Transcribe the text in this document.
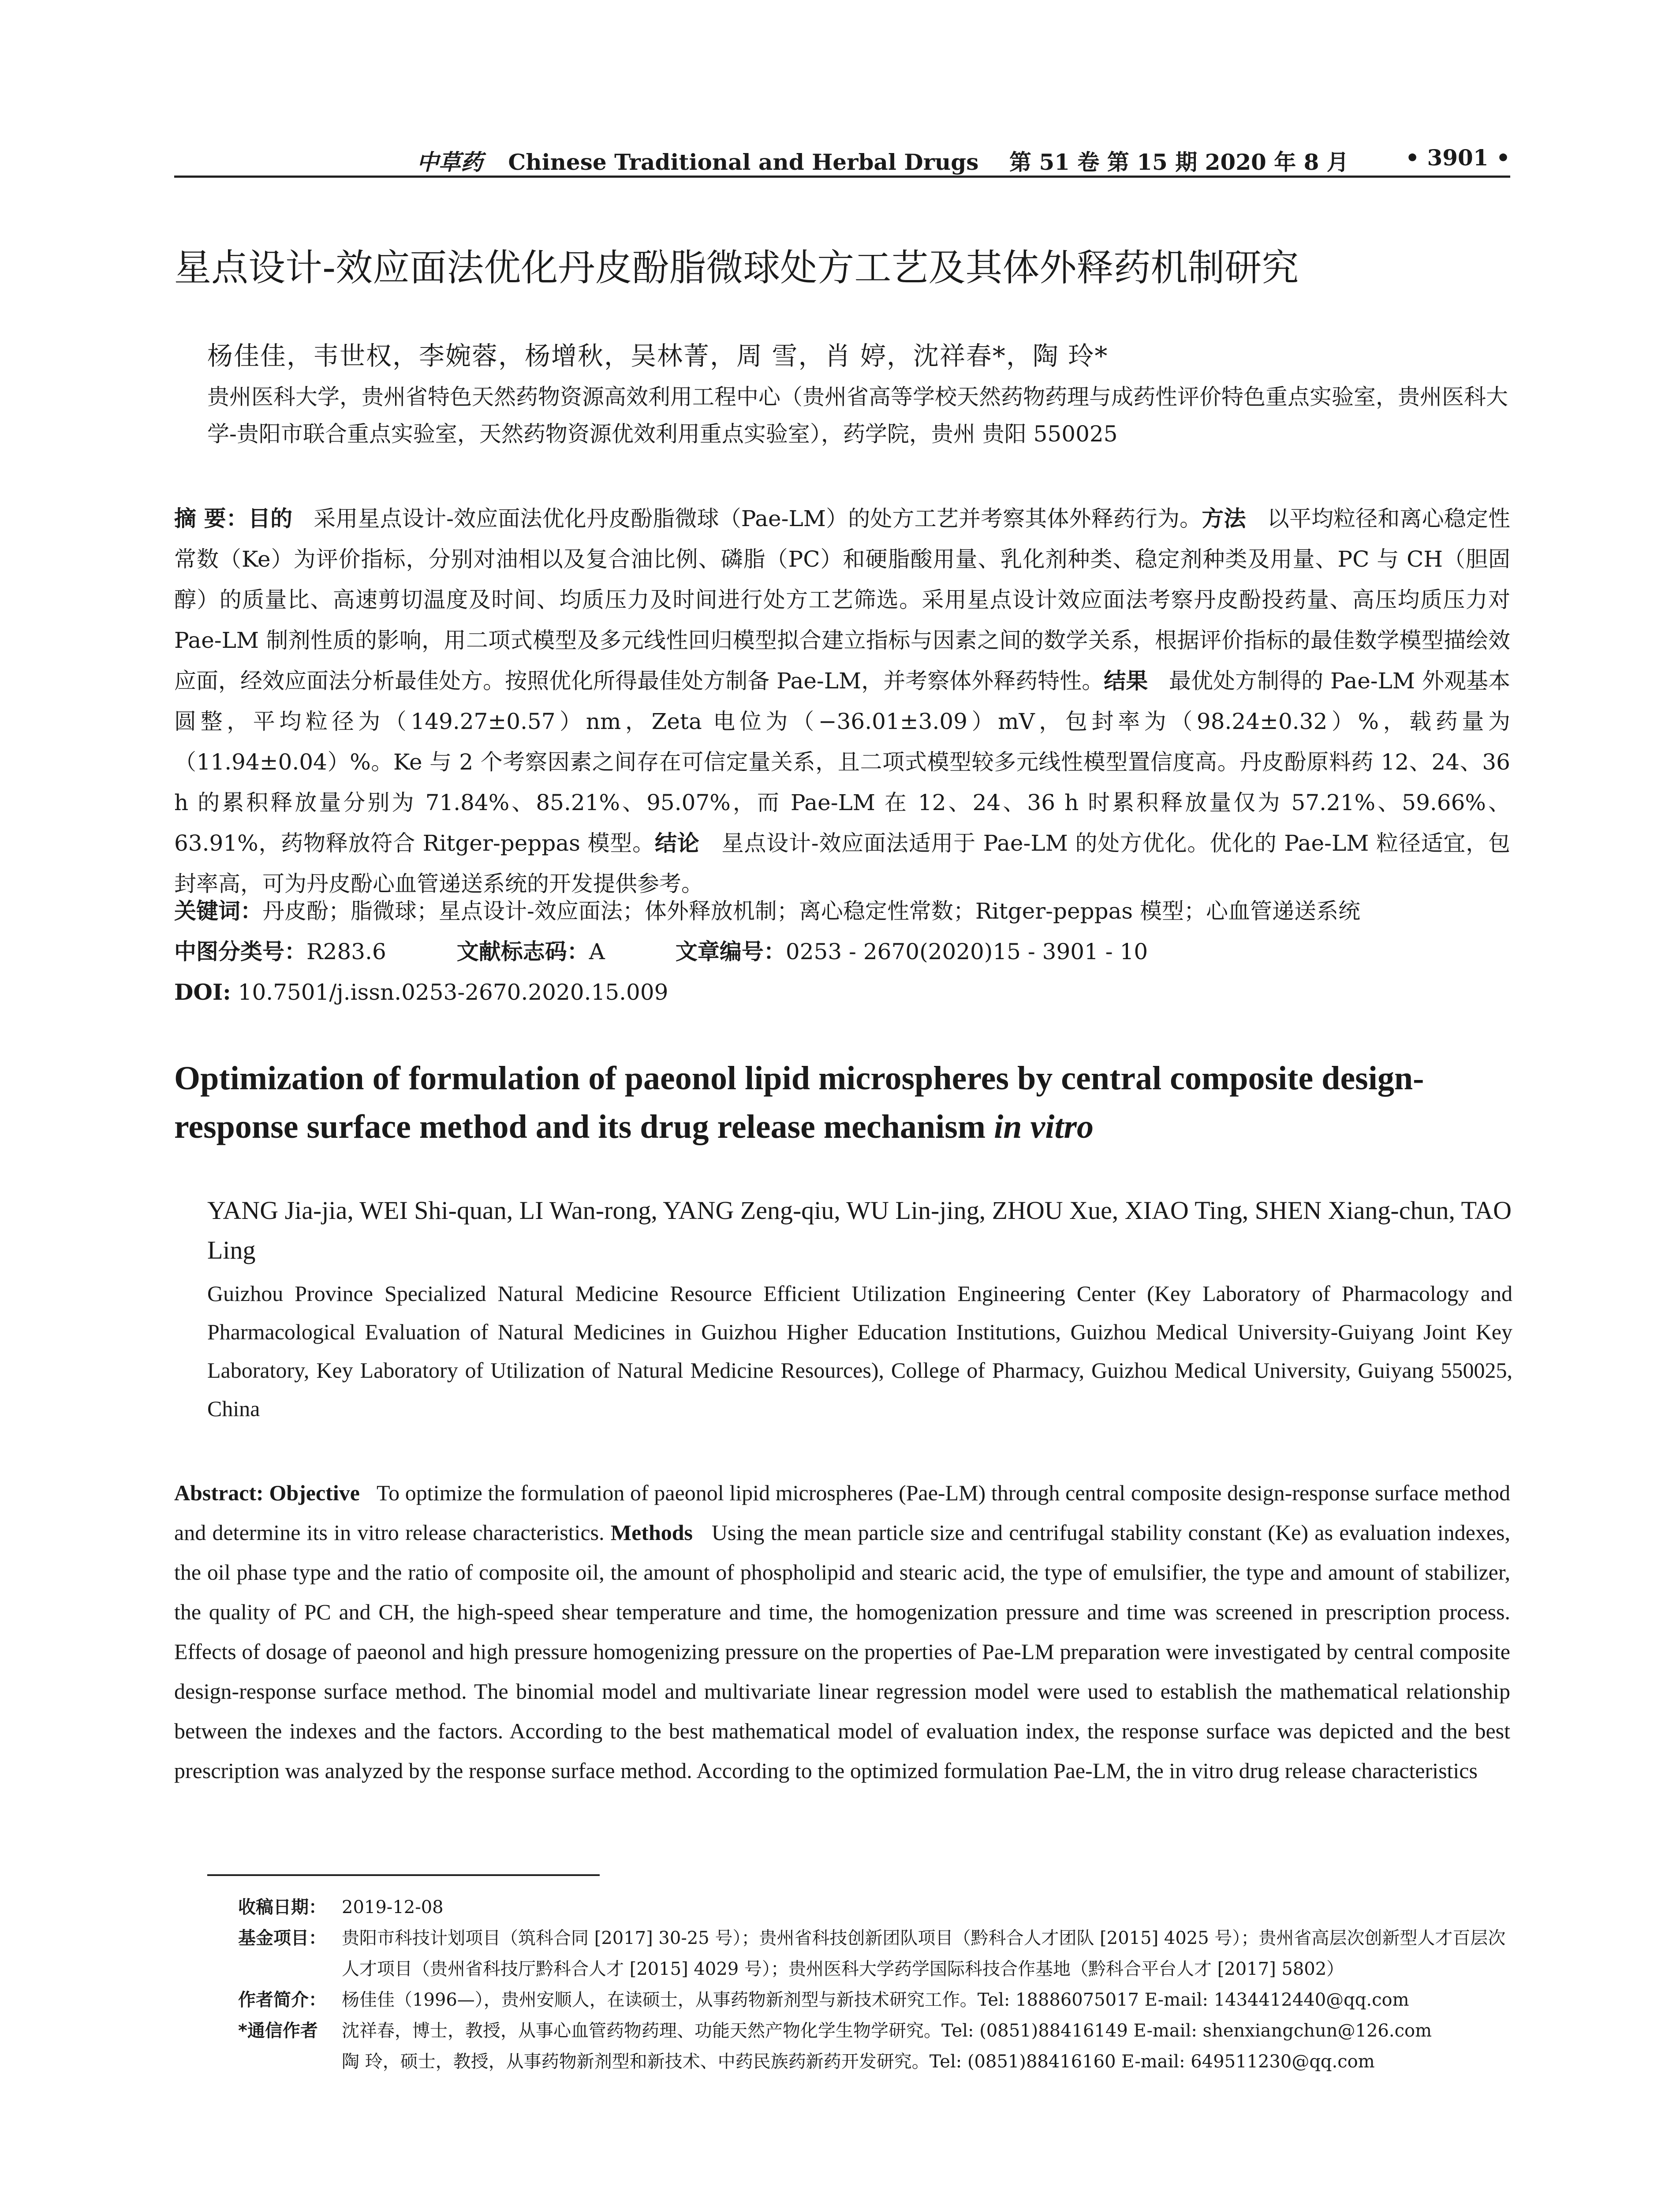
中草药 Chinese Traditional and Herbal Drugs 第 51 卷 第 15 期 2020 年 8 月	• 3901 •
星点设计-效应面法优化丹皮酚脂微球处方工艺及其体外释药机制研究
杨佳佳，韦世权，李婉蓉，杨增秋，吴林菁，周 雪，肖 婷，沈祥春*，陶 玲*
贵州医科大学，贵州省特色天然药物资源高效利用工程中心（贵州省高等学校天然药物药理与成药性评价特色重点实验室，贵州医科大学-贵阳市联合重点实验室，天然药物资源优效利用重点实验室），药学院，贵州 贵阳 550025
摘 要：目的 采用星点设计-效应面法优化丹皮酚脂微球（Pae-LM）的处方工艺并考察其体外释药行为。方法 以平均粒径和离心稳定性常数（Ke）为评价指标，分别对油相以及复合油比例、磷脂（PC）和硬脂酸用量、乳化剂种类、稳定剂种类及用量、PC 与 CH（胆固醇）的质量比、高速剪切温度及时间、均质压力及时间进行处方工艺筛选。采用星点设计效应面法考察丹皮酚投药量、高压均质压力对 Pae-LM 制剂性质的影响，用二项式模型及多元线性回归模型拟合建立指标与因素之间的数学关系，根据评价指标的最佳数学模型描绘效应面，经效应面法分析最佳处方。按照优化所得最佳处方制备 Pae-LM，并考察体外释药特性。结果 最优处方制得的 Pae-LM 外观基本圆整，平均粒径为（149.27±0.57）nm，Zeta 电位为（−36.01±3.09）mV，包封率为（98.24±0.32）%，载药量为（11.94±0.04）%。Ke 与 2 个考察因素之间存在可信定量关系，且二项式模型较多元线性模型置信度高。丹皮酚原料药 12、24、36 h 的累积释放量分别为 71.84%、85.21%、95.07%，而 Pae-LM 在 12、24、36 h 时累积释放量仅为 57.21%、59.66%、63.91%，药物释放符合 Ritger-peppas 模型。结论 星点设计-效应面法适用于 Pae-LM 的处方优化。优化的 Pae-LM 粒径适宜，包封率高，可为丹皮酚心血管递送系统的开发提供参考。
关键词：丹皮酚；脂微球；星点设计-效应面法；体外释放机制；离心稳定性常数；Ritger-peppas 模型；心血管递送系统
中图分类号：R283.6	文献标志码：A	文章编号：0253 - 2670(2020)15 - 3901 - 10
DOI: 10.7501/j.issn.0253-2670.2020.15.009
Optimization of formulation of paeonol lipid microspheres by central composite design-response surface method and its drug release mechanism in vitro
YANG Jia-jia, WEI Shi-quan, LI Wan-rong, YANG Zeng-qiu, WU Lin-jing, ZHOU Xue, XIAO Ting, SHEN Xiang-chun, TAO Ling
Guizhou Province Specialized Natural Medicine Resource Efficient Utilization Engineering Center (Key Laboratory of Pharmacology and Pharmacological Evaluation of Natural Medicines in Guizhou Higher Education Institutions, Guizhou Medical University-Guiyang Joint Key Laboratory, Key Laboratory of Utilization of Natural Medicine Resources), College of Pharmacy, Guizhou Medical University, Guiyang 550025, China
Abstract: Objective To optimize the formulation of paeonol lipid microspheres (Pae-LM) through central composite design-response surface method and determine its in vitro release characteristics. Methods Using the mean particle size and centrifugal stability constant (Ke) as evaluation indexes, the oil phase type and the ratio of composite oil, the amount of phospholipid and stearic acid, the type of emulsifier, the type and amount of stabilizer, the quality of PC and CH, the high-speed shear temperature and time, the homogenization pressure and time was screened in prescription process. Effects of dosage of paeonol and high pressure homogenizing pressure on the properties of Pae-LM preparation were investigated by central composite design-response surface method. The binomial model and multivariate linear regression model were used to establish the mathematical relationship between the indexes and the factors. According to the best mathematical model of evaluation index, the response surface was depicted and the best prescription was analyzed by the response surface method. According to the optimized formulation Pae-LM, the in vitro drug release characteristics
收稿日期： 2019-12-08
基金项目： 贵阳市科技计划项目（筑科合同 [2017] 30-25 号）；贵州省科技创新团队项目（黔科合人才团队 [2015] 4025 号）；贵州省高层次创新型人才百层次人才项目（贵州省科技厅黔科合人才 [2015] 4029 号）；贵州医科大学药学国际科技合作基地（黔科合平台人才 [2017] 5802）
作者简介： 杨佳佳（1996—），贵州安顺人，在读硕士，从事药物新剂型与新技术研究工作。Tel: 18886075017 E-mail: 1434412440@qq.com
*通信作者 沈祥春，博士，教授，从事心血管药物药理、功能天然产物化学生物学研究。Tel: (0851)88416149 E-mail: shenxiangchun@126.com
陶 玲，硕士，教授，从事药物新剂型和新技术、中药民族药新药开发研究。Tel: (0851)88416160 E-mail: 649511230@qq.com
